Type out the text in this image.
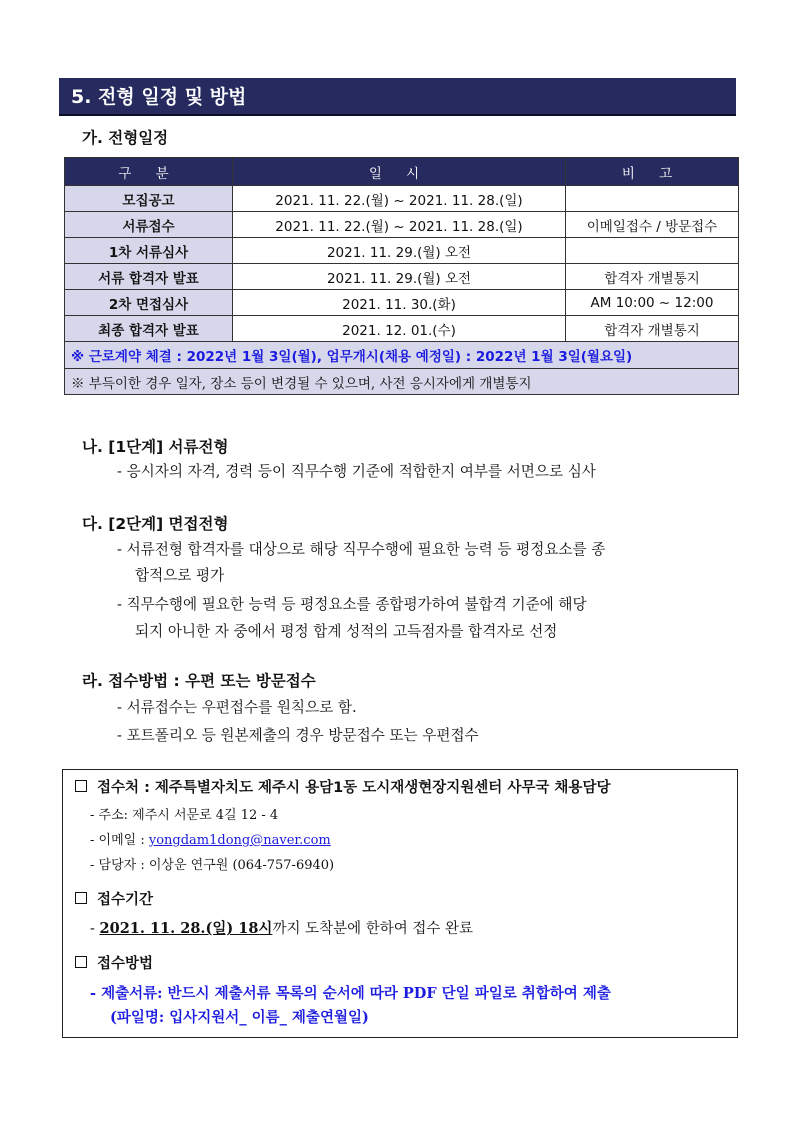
5. 전형 일정 및 방법
가. 전형일정
구 분	일 시	비 고
모집공고	2021. 11. 22.(월) ~ 2021. 11. 28.(일)	
서류접수	2021. 11. 22.(월) ~ 2021. 11. 28.(일)	이메일접수 / 방문접수
1차 서류심사	2021. 11. 29.(월) 오전	
서류 합격자 발표	2021. 11. 29.(월) 오전	합격자 개별통지
2차 면접심사	2021. 11. 30.(화)	AM 10:00 ~ 12:00
최종 합격자 발표	2021. 12. 01.(수)	합격자 개별통지
※ 근로계약 체결 : 2022년 1월 3일(월), 업무개시(채용 예정일) : 2022년 1월 3일(월요일)		
※ 부득이한 경우 일자, 장소 등이 변경될 수 있으며, 사전 응시자에게 개별통지		
나. [1단계] 서류전형
- 응시자의 자격, 경력 등이 직무수행 기준에 적합한지 여부를 서면으로 심사
다. [2단계] 면접전형
- 서류전형 합격자를 대상으로 해당 직무수행에 필요한 능력 등 평정요소를 종
합적으로 평가
- 직무수행에 필요한 능력 등 평정요소를 종합평가하여 불합격 기준에 해당
되지 아니한 자 중에서 평정 합계 성적의 고득점자를 합격자로 선정
라. 접수방법 : 우편 또는 방문접수
- 서류접수는 우편접수를 원칙으로 함.
- 포트폴리오 등 원본제출의 경우 방문접수 또는 우편접수
접수처 : 제주특별자치도 제주시 용담1동 도시재생현장지원센터 사무국 채용담당
- 주소: 제주시 서문로 4길 12 - 4
- 이메일 : yongdam1dong@naver.com
- 담당자 : 이상운 연구원 (064-757-6940)
접수기간
- 2021. 11. 28.(일) 18시까지 도착분에 한하여 접수 완료
접수방법
- 제출서류: 반드시 제출서류 목록의 순서에 따라 PDF 단일 파일로 취합하여 제출
(파일명: 입사지원서_ 이름_ 제출연월일)
